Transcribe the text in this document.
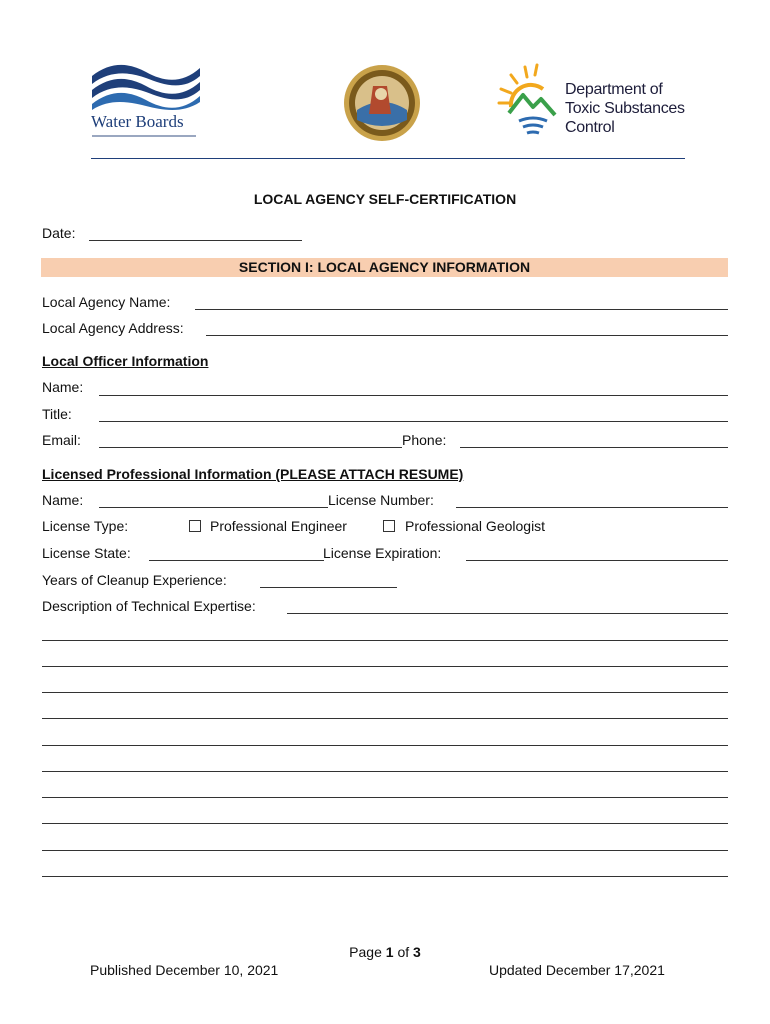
Water Boards
Department of
Toxic Substances
Control
LOCAL AGENCY SELF-CERTIFICATION
Date:
SECTION I: LOCAL AGENCY INFORMATION
Local Agency Name:
Local Agency Address:
Local Officer Information
Name:
Title:
Email:	Phone:
Licensed Professional Information (PLEASE ATTACH RESUME)
Name:	License Number:
License Type:	Professional Engineer	Professional Geologist
License State:	License Expiration:
Years of Cleanup Experience:
Description of Technical Expertise:
Page 1 of 3
Published December 10, 2021	Updated December 17,2021
